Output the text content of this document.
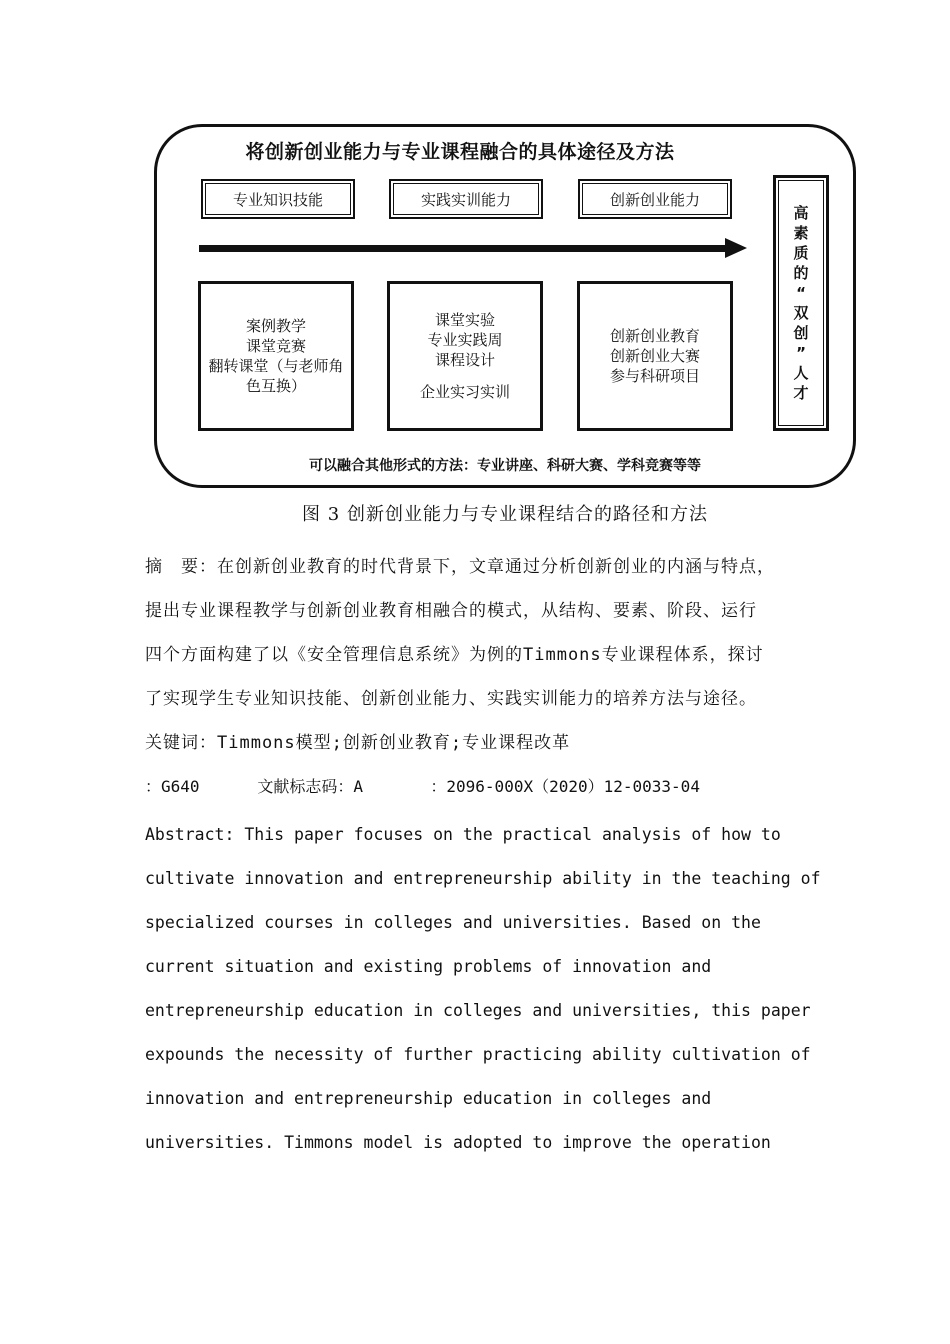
将创新创业能力与专业课程融合的具体途径及方法
专业知识技能	实践实训能力	创新创业能力
案例教学
课堂竞赛
翻转课堂（与老师角
色互换）
课堂实验
专业实践周
课程设计
企业实习实训
创新创业教育
创新创业大赛
参与科研项目
高
素
质
的
“
双
创
”
人
才
可以融合其他形式的方法：专业讲座、科研大赛、学科竞赛等等
图 3 创新创业能力与专业课程结合的路径和方法
摘　要：在创新创业教育的时代背景下，文章通过分析创新创业的内涵与特点，
提出专业课程教学与创新创业教育相融合的模式，从结构、要素、阶段、运行
四个方面构建了以《安全管理信息系统》为例的Timmons专业课程体系，探讨
了实现学生专业知识技能、创新创业能力、实践实训能力的培养方法与途径。
关键词：Timmons模型;创新创业教育;专业课程改革
：G640      文献标志码：A       ：2096-000X（2020）12-0033-04
Abstract: This paper focuses on the practical analysis of how to
cultivate innovation and entrepreneurship ability in the teaching of
specialized courses in colleges and universities. Based on the
current situation and existing problems of innovation and
entrepreneurship education in colleges and universities, this paper
expounds the necessity of further practicing ability cultivation of
innovation and entrepreneurship education in colleges and
universities. Timmons model is adopted to improve the operation
